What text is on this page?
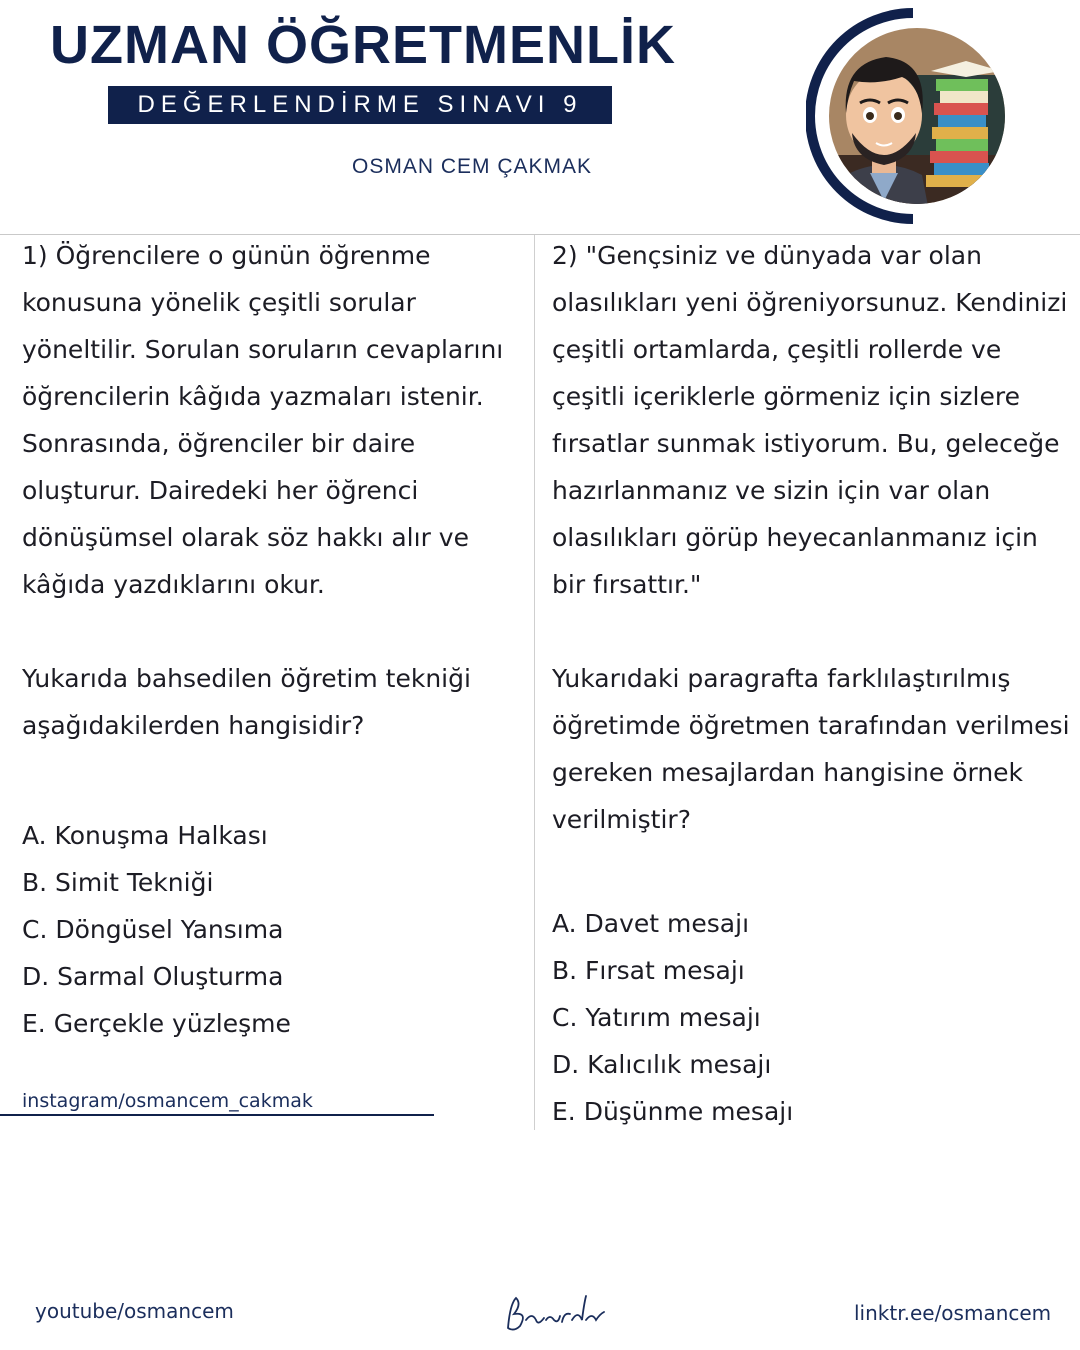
UZMAN ÖĞRETMENLİK
DEĞERLENDİRME SINAVI 9
OSMAN CEM ÇAKMAK

1) Öğrencilere o günün öğrenme konusuna yönelik çeşitli sorular yöneltilir. Sorulan soruların cevaplarını öğrencilerin kâğıda yazmaları istenir. Sonrasında, öğrenciler bir daire oluşturur. Dairedeki her öğrenci dönüşümsel olarak söz hakkı alır ve kâğıda yazdıklarını okur.

Yukarıda bahsedilen öğretim tekniği aşağıdakilerden hangisidir?

A. Konuşma Halkası
B. Simit Tekniği
C. Döngüsel Yansıma
D. Sarmal Oluşturma
E. Gerçekle yüzleşme

2) "Gençsiniz ve dünyada var olan olasılıkları yeni öğreniyorsunuz. Kendinizi çeşitli ortamlarda, çeşitli rollerde ve çeşitli içeriklerle görmeniz için sizlere fırsatlar sunmak istiyorum. Bu, geleceğe hazırlanmanız ve sizin için var olan olasılıkları görüp heyecanlanmanız için bir fırsattır."

Yukarıdaki paragrafta farklılaştırılmış öğretimde öğretmen tarafından verilmesi gereken mesajlardan hangisine örnek verilmiştir?

A. Davet mesajı
B. Fırsat mesajı
C. Yatırım mesajı
D. Kalıcılık mesajı
E. Düşünme mesajı
instagram/osmancem_cakmak
youtube/osmancem	linktr.ee/osmancem
